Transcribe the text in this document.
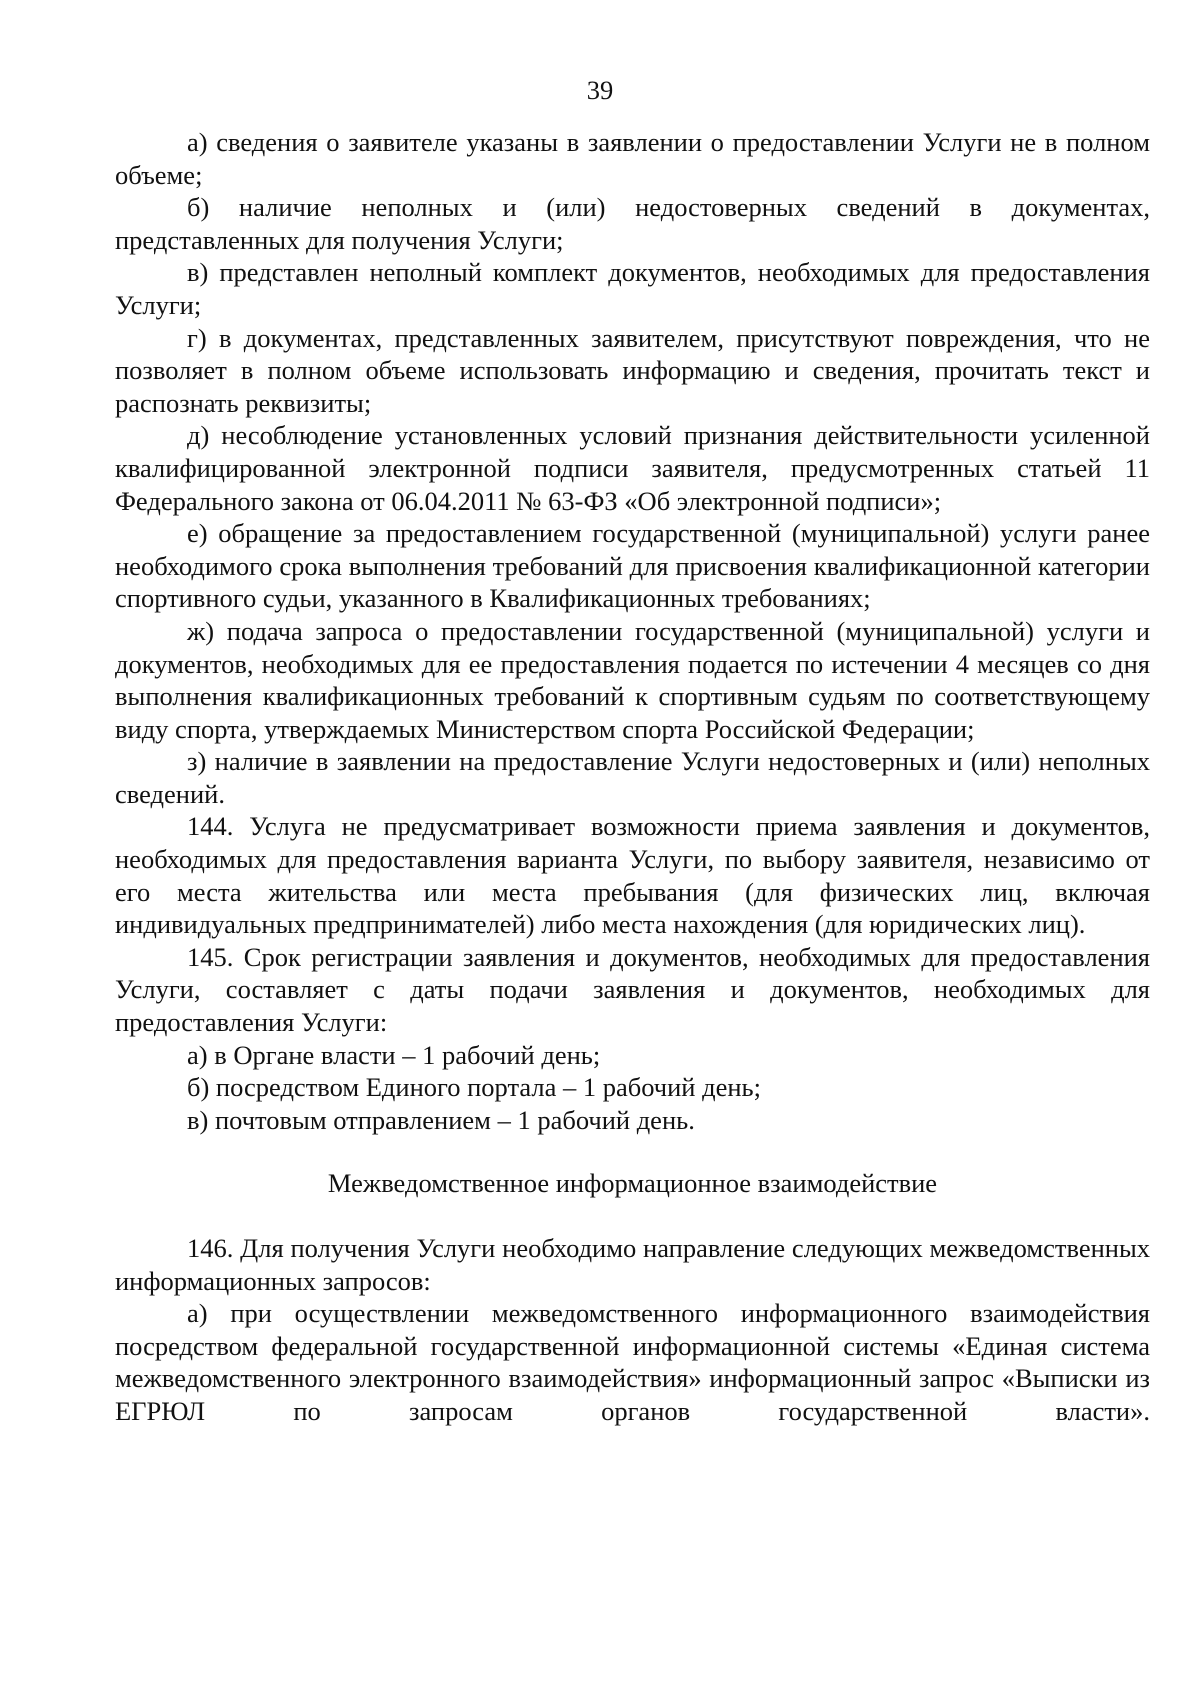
39

а) сведения о заявителе указаны в заявлении о предоставлении Услуги не в полном объеме;

б) наличие неполных и (или) недостоверных сведений в документах, представленных для получения Услуги;

в) представлен неполный комплект документов, необходимых для предоставления Услуги;

г) в документах, представленных заявителем, присутствуют повреждения, что не позволяет в полном объеме использовать информацию и сведения, прочитать текст и распознать реквизиты;

д) несоблюдение установленных условий признания действительности усиленной квалифицированной электронной подписи заявителя, предусмотренных статьей 11 Федерального закона от 06.04.2011 № 63-ФЗ «Об электронной подписи»;

е) обращение за предоставлением государственной (муниципальной) услуги ранее необходимого срока выполнения требований для присвоения квалификационной категории спортивного судьи, указанного в Квалификационных требованиях;

ж) подача запроса о предоставлении государственной (муниципальной) услуги и документов, необходимых для ее предоставления подается по истечении 4 месяцев со дня выполнения квалификационных требований к спортивным судьям по соответствующему виду спорта, утверждаемых Министерством спорта Российской Федерации;

з) наличие в заявлении на предоставление Услуги недостоверных и (или) неполных сведений.

144. Услуга не предусматривает возможности приема заявления и документов, необходимых для предоставления варианта Услуги, по выбору заявителя, независимо от его места жительства или места пребывания (для физических лиц, включая индивидуальных предпринимателей) либо места нахождения (для юридических лиц).

145. Срок регистрации заявления и документов, необходимых для предоставления Услуги, составляет с даты подачи заявления и документов, необходимых для предоставления Услуги:

а) в Органе власти – 1 рабочий день;

б) посредством Единого портала – 1 рабочий день;

в) почтовым отправлением – 1 рабочий день.

Межведомственное информационное взаимодействие

146. Для получения Услуги необходимо направление следующих межведомственных информационных запросов:

а) при осуществлении межведомственного информационного взаимодействия посредством федеральной государственной информационной системы «Единая система межведомственного электронного взаимодействия» информационный запрос «Выписки из ЕГРЮЛ по запросам органов государственной власти».
